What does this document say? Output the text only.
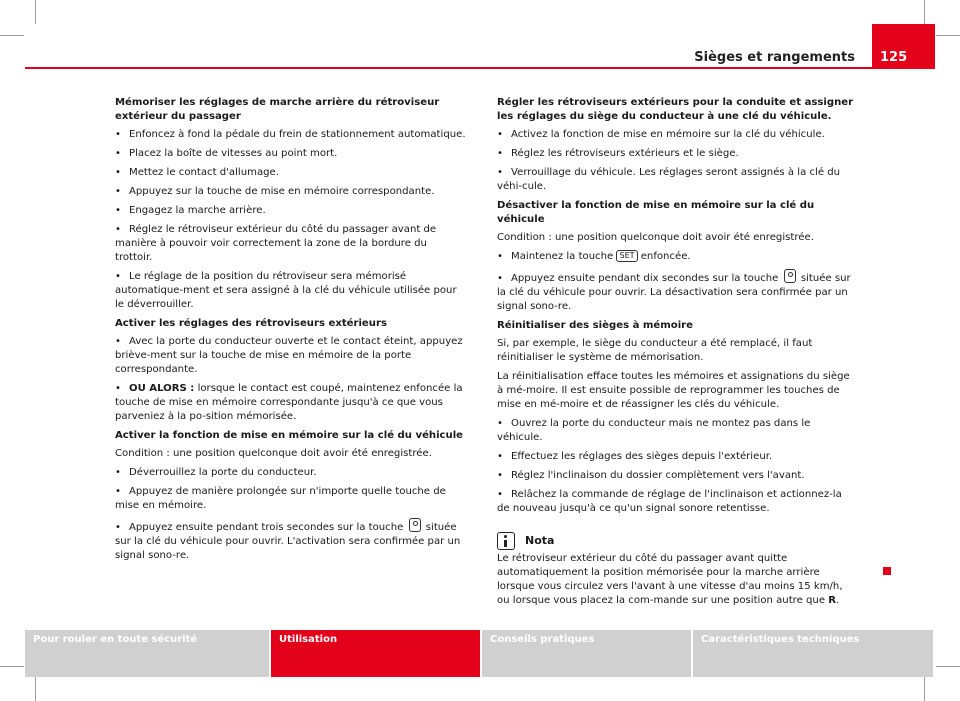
Sièges et rangements	125

Mémoriser les réglages de marche arrière du rétroviseur extérieur du passager

• Enfoncez à fond la pédale du frein de stationnement automatique.

• Placez la boîte de vitesses au point mort.

• Mettez le contact d'allumage.

• Appuyez sur la touche de mise en mémoire correspondante.

• Engagez la marche arrière.

• Réglez le rétroviseur extérieur du côté du passager avant de manière à pouvoir voir correctement la zone de la bordure du trottoir.

• Le réglage de la position du rétroviseur sera mémorisé automatique-ment et sera assigné à la clé du véhicule utilisée pour le déverrouiller.

Activer les réglages des rétroviseurs extérieurs

• Avec la porte du conducteur ouverte et le contact éteint, appuyez briève-ment sur la touche de mise en mémoire de la porte correspondante.

• OU ALORS : lorsque le contact est coupé, maintenez enfoncée la touche de mise en mémoire correspondante jusqu'à ce que vous parveniez à la po-sition mémorisée.

Activer la fonction de mise en mémoire sur la clé du véhicule

Condition : une position quelconque doit avoir été enregistrée.

• Déverrouillez la porte du conducteur.

• Appuyez de manière prolongée sur n'importe quelle touche de mise en mémoire.

• Appuyez ensuite pendant trois secondes sur la touche  située sur la clé du véhicule pour ouvrir. L'activation sera confirmée par un signal sono-re.

Régler les rétroviseurs extérieurs pour la conduite et assigner les réglages du siège du conducteur à une clé du véhicule.

• Activez la fonction de mise en mémoire sur la clé du véhicule.

• Réglez les rétroviseurs extérieurs et le siège.

• Verrouillage du véhicule. Les réglages seront assignés à la clé du véhi-cule.

Désactiver la fonction de mise en mémoire sur la clé du véhicule

Condition : une position quelconque doit avoir été enregistrée.

• Maintenez la touche SET enfoncée.

• Appuyez ensuite pendant dix secondes sur la touche  située sur la clé du véhicule pour ouvrir. La désactivation sera confirmée par un signal sono-re.

Réinitialiser des sièges à mémoire

Si, par exemple, le siège du conducteur a été remplacé, il faut réinitialiser le système de mémorisation.

La réinitialisation efface toutes les mémoires et assignations du siège à mé-moire. Il est ensuite possible de reprogrammer les touches de mise en mé-moire et de réassigner les clés du véhicule.

• Ouvrez la porte du conducteur mais ne montez pas dans le véhicule.

• Effectuez les réglages des sièges depuis l'extérieur.

• Réglez l'inclinaison du dossier complètement vers l'avant.

• Relâchez la commande de réglage de l'inclinaison et actionnez-la de nouveau jusqu'à ce qu'un signal sonore retentisse.

Nota

Le rétroviseur extérieur du côté du passager avant quitte automatiquement la position mémorisée pour la marche arrière lorsque vous circulez vers l'avant à une vitesse d'au moins 15 km/h, ou lorsque vous placez la com-mande sur une position autre que R.

Pour rouler en toute sécurité	Utilisation	Conseils pratiques	Caractéristiques techniques
